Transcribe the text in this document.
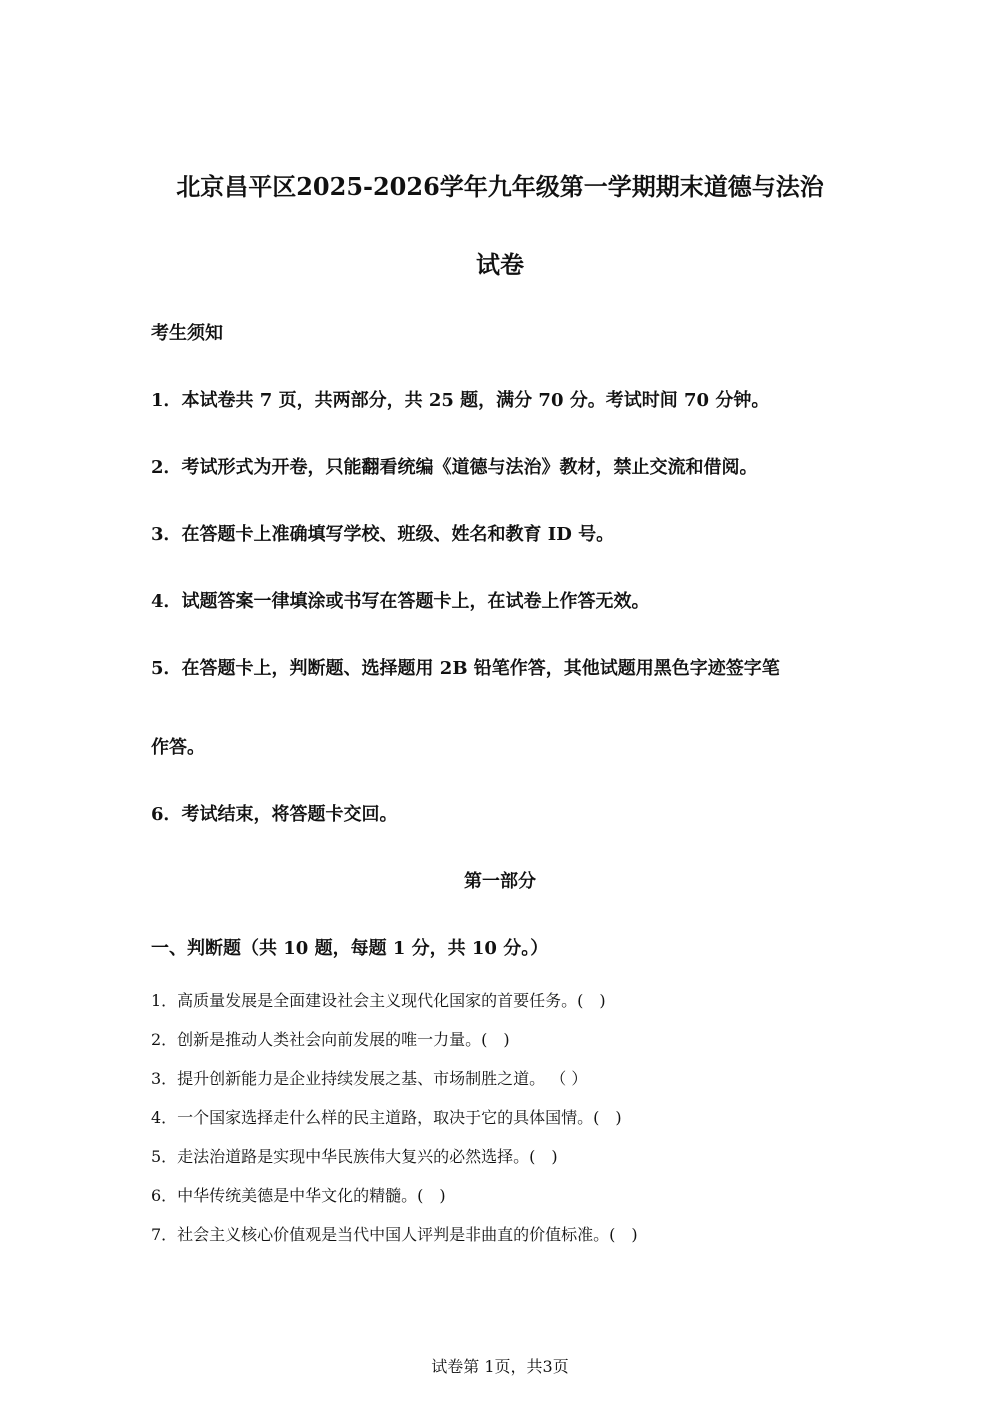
北京昌平区2025-2026学年九年级第一学期期末道德与法治
试卷
考生须知
1．本试卷共 7 页，共两部分，共 25 题，满分 70 分。考试时间 70 分钟。
2．考试形式为开卷，只能翻看统编《道德与法治》教材，禁止交流和借阅。
3．在答题卡上准确填写学校、班级、姓名和教育 ID 号。
4．试题答案一律填涂或书写在答题卡上，在试卷上作答无效。
5．在答题卡上，判断题、选择题用 2B 铅笔作答，其他试题用黑色字迹签字笔
作答。
6．考试结束，将答题卡交回。
第一部分
一、判断题（共 10 题，每题 1 分，共 10 分。）
1．高质量发展是全面建设社会主义现代化国家的首要任务。(　)
2．创新是推动人类社会向前发展的唯一力量。(　)
3．提升创新能力是企业持续发展之基、市场制胜之道。 （ ）
4．一个国家选择走什么样的民主道路，取决于它的具体国情。(　)
5．走法治道路是实现中华民族伟大复兴的必然选择。(　)
6．中华传统美德是中华文化的精髓。(　)
7．社会主义核心价值观是当代中国人评判是非曲直的价值标准。(　)
试卷第 1页，共3页
